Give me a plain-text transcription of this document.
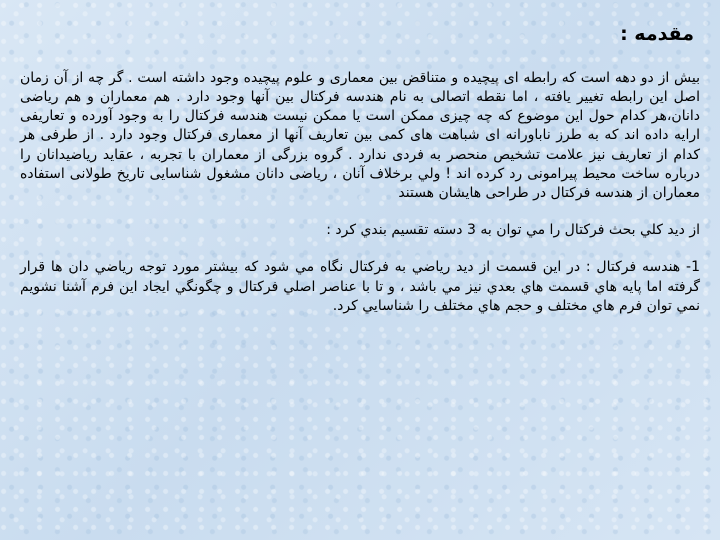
مقدمه :

بیش از دو دهه است که رابطه ای پیچیده و متناقض بین معماری و علوم پیچیده وجود داشته است . گر چه از آن زمان اصل این رابطه تغییر یافته ، اما نقطه اتصالی به نام هندسه فرکتال بین آنها وجود دارد . هم معماران و هم ریاضی دانان،هر کدام حول این موضوع که چه چیزی ممکن است یا ممکن نیست هندسه فرکتال را به وجود آورده و تعاریفی ارایه داده اند که به طرز ناباورانه ای شباهت های کمی بین تعاریف آنها از معماری فرکتال وجود دارد . از طرفی هر کدام از تعاریف نیز علامت تشخیص منحصر به فردی ندارد . گروه بزرگی از معماران با تجربه ، عقاید ریاضیدانان را درباره ساخت محیط پیرامونی رد کرده اند ! ولي برخلاف آنان ، رياضی دانان مشغول شناسایی تاریخ طولانی استفاده معماران از هندسه فرکتال در طراحی هایشان هستند

از ديد كلي بحث فركتال را مي توان به 3 دسته تقسيم بندي كرد :

1- هندسه فركتال : در اين قسمت از ديد رياضي به فركتال نگاه مي شود كه بيشتر مورد توجه رياضي دان ها قرار گرفته اما پايه هاي قسمت هاي بعدي نيز مي باشد ، و تا با عناصر اصلي فركتال و چگونگي ايجاد اين فرم آشنا نشويم نمي توان فرم هاي مختلف و حجم هاي مختلف را شناسايي كرد.
